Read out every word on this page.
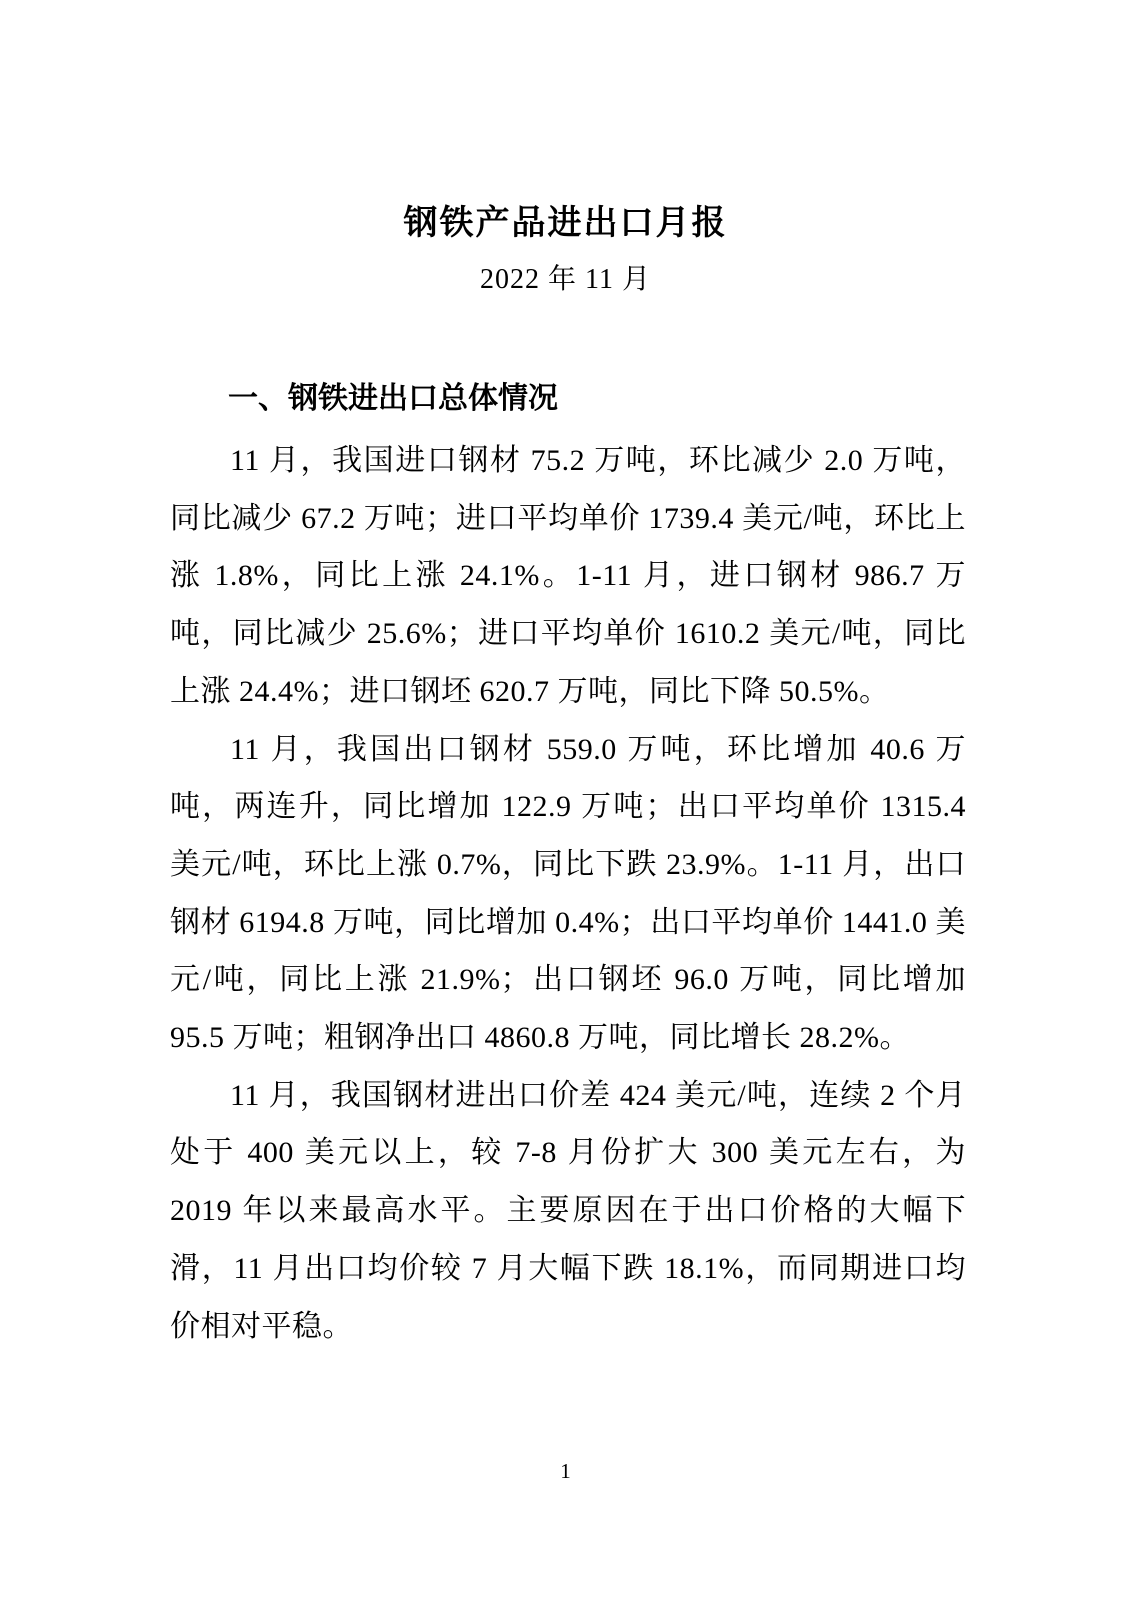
钢铁产品进出口月报
2022 年 11 月
一、钢铁进出口总体情况

11 月，我国进口钢材 75.2 万吨，环比减少 2.0 万吨，同比减少 67.2 万吨；进口平均单价 1739.4 美元/吨，环比上涨 1.8%，同比上涨 24.1%。1-11 月，进口钢材 986.7 万吨，同比减少 25.6%；进口平均单价 1610.2 美元/吨，同比上涨 24.4%；进口钢坯 620.7 万吨，同比下降 50.5%。

11 月，我国出口钢材 559.0 万吨，环比增加 40.6 万吨，两连升，同比增加 122.9 万吨；出口平均单价 1315.4 美元/吨，环比上涨 0.7%，同比下跌 23.9%。1-11 月，出口钢材 6194.8 万吨，同比增加 0.4%；出口平均单价 1441.0 美元/吨，同比上涨 21.9%；出口钢坯 96.0 万吨，同比增加 95.5 万吨；粗钢净出口 4860.8 万吨，同比增长 28.2%。

11 月，我国钢材进出口价差 424 美元/吨，连续 2 个月处于 400 美元以上，较 7-8 月份扩大 300 美元左右，为 2019 年以来最高水平。主要原因在于出口价格的大幅下滑，11 月出口均价较 7 月大幅下跌 18.1%，而同期进口均价相对平稳。

1
